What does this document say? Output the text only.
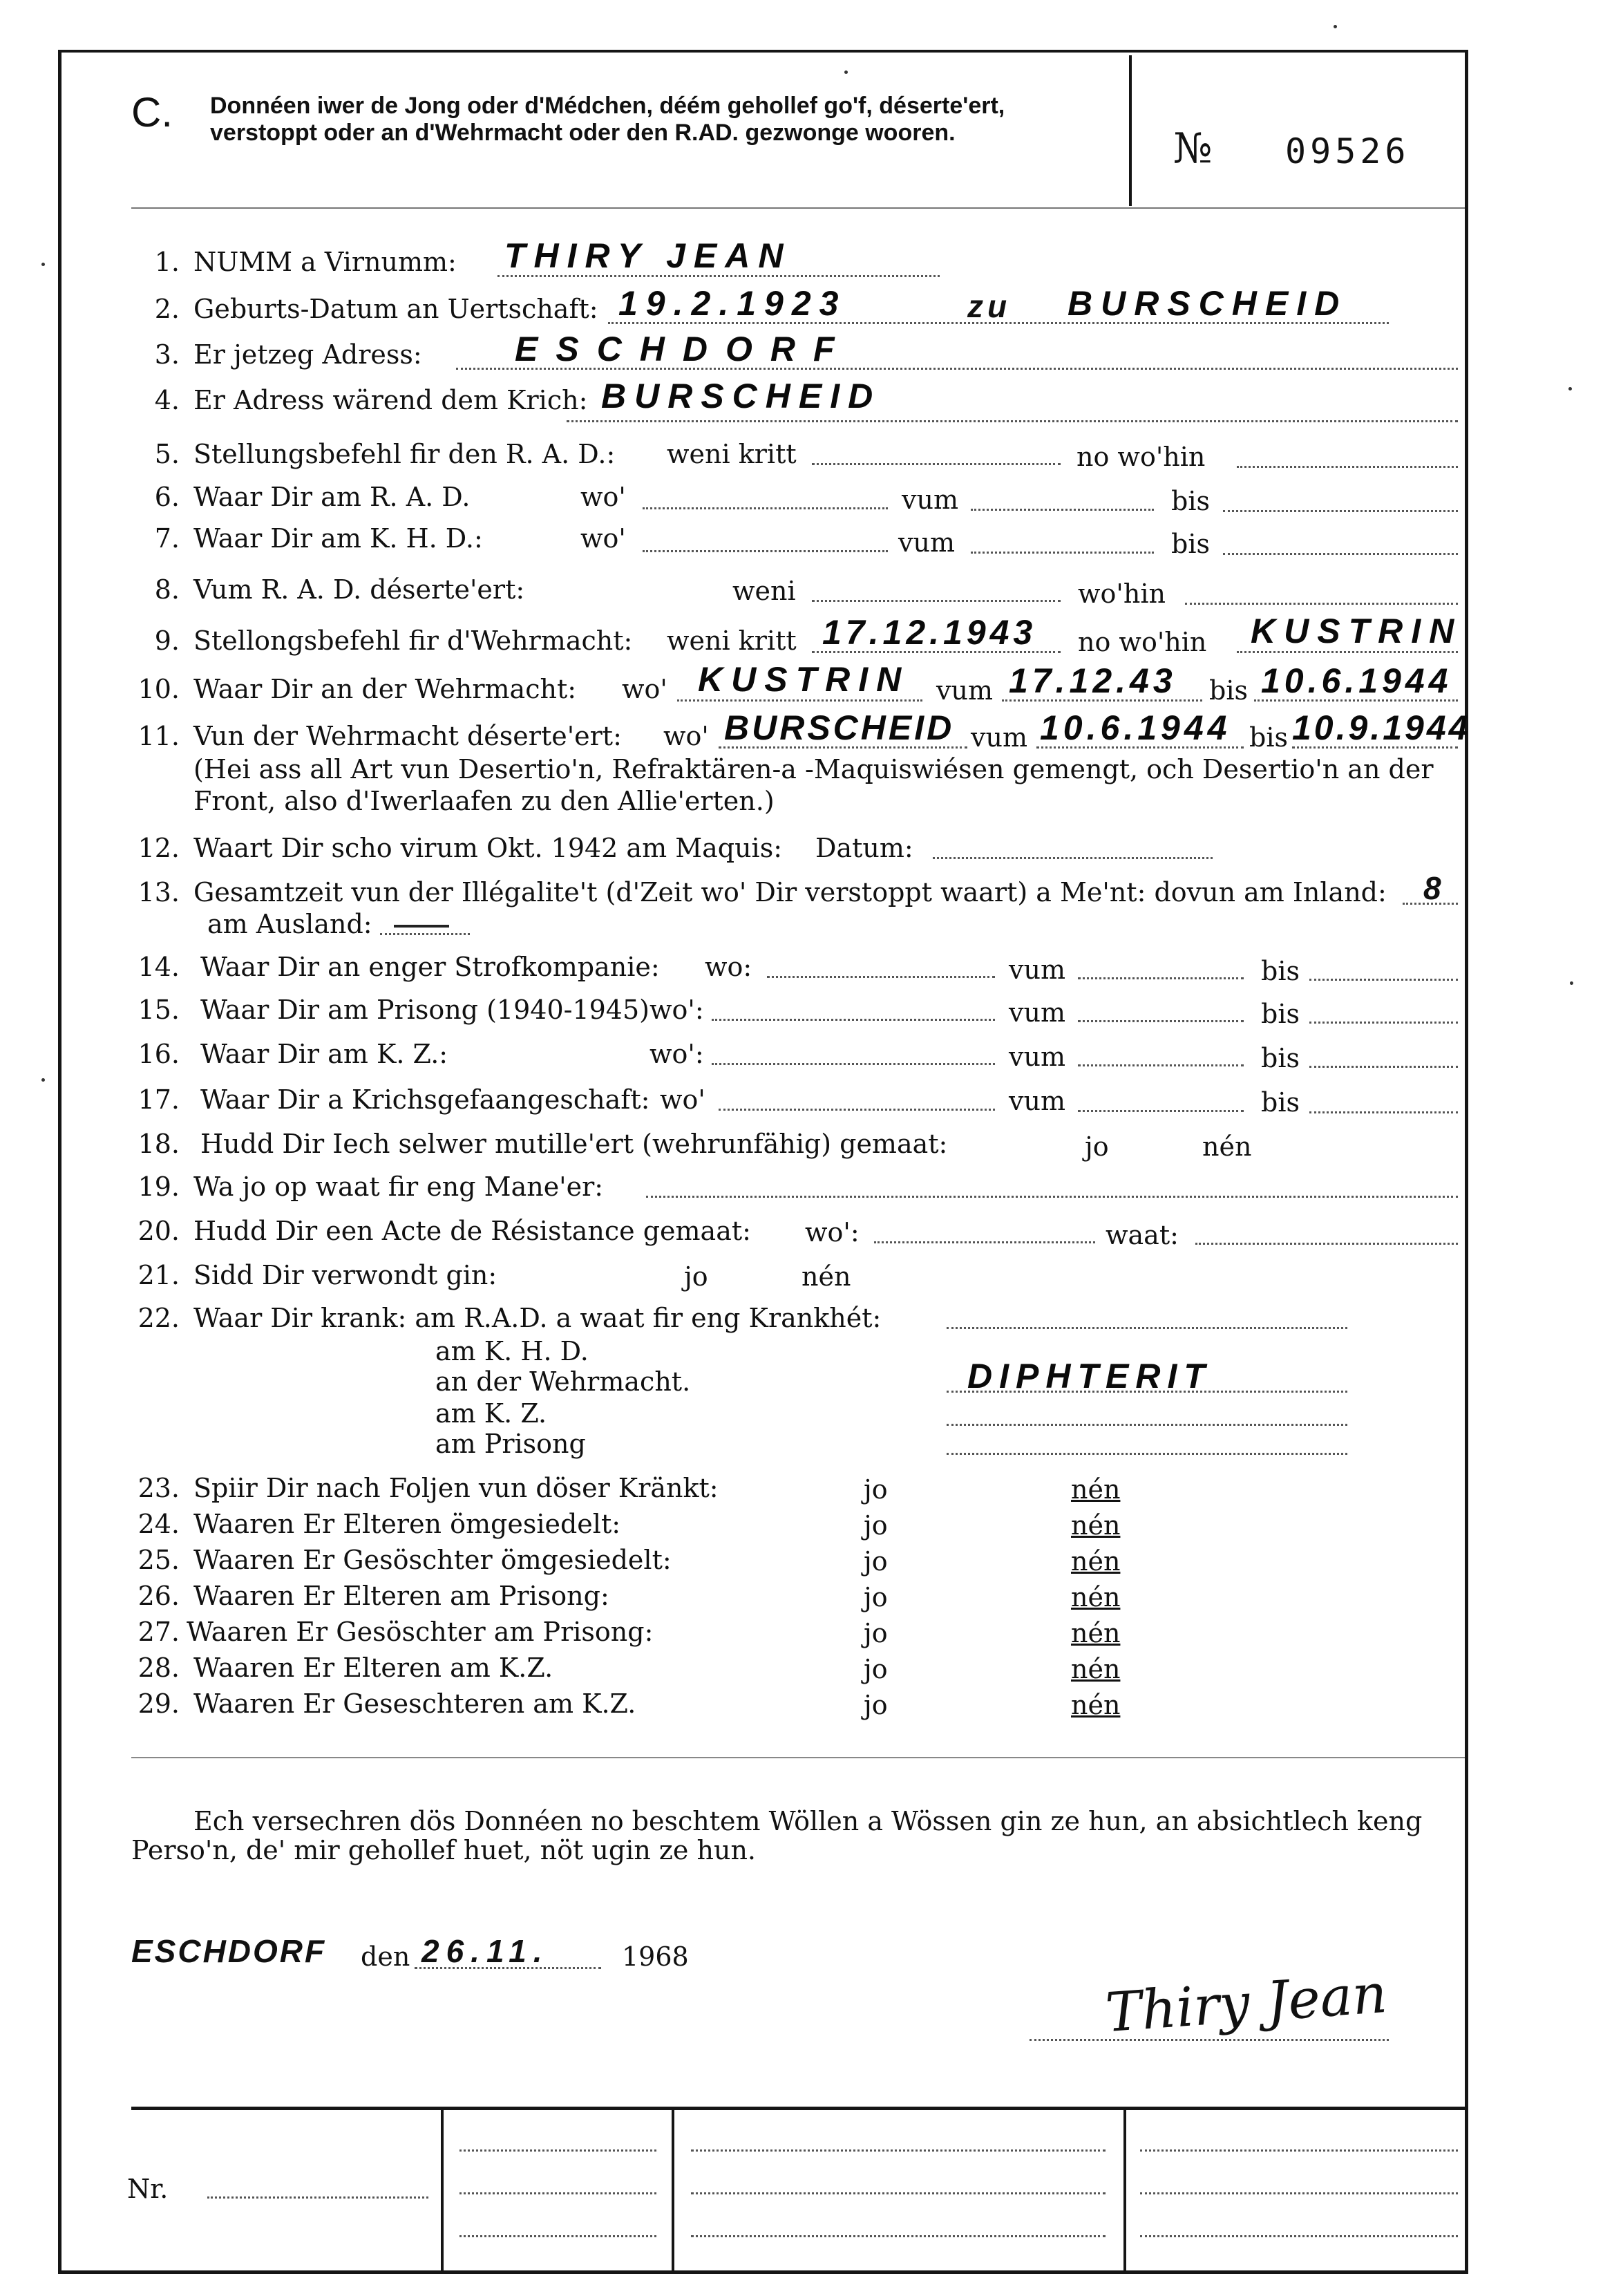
C. Donnéen iwer de Jong oder d'Médchen, déém gehollef go'f, déserte'ert, verstoppt oder an d'Wehrmacht oder den R.AD. gezwonge wooren.	№ 09526
1. NUMM a Virnumm: THIRY JEAN
2. Geburts-Datum an Uertschaft: 19.2.1923	zu BURSCHEID
3. Er jetzeg Adress:	ESCHDORF
4. Er Adress wärend dem Krich: BURSCHEID
5. Stellungsbefehl fir den R. A. D.: weni kritt	no wo'hin
6. Waar Dir am R. A. D.	wo'	vum	bis
7. Waar Dir am K. H. D.:	wo'	vum	bis
8. Vum R. A. D. déserte'ert:	weni	wo'hin
9. Stellongsbefehl fir d'Wehrmacht: weni kritt 17.12.1943 no wo'hin KUSTRIN
10. Waar Dir an der Wehrmacht: wo' KUSTRIN vum 17.12.43 bis 10.6.1944
11. Vun der Wehrmacht déserte'ert: wo' BURSCHEID vum 10.6.1944 bis 10.9.1944
(Hei ass all Art vun Desertio'n, Refraktären-a -Maquiswiésen gemengt, och Desertio'n an der
Front, also d'Iwerlaafen zu den Allie'erten.)
12. Waart Dir scho virum Okt. 1942 am Maquis: Datum:
13. Gesamtzeit vun der Illégalite't (d'Zeit wo' Dir verstoppt waart) a Me'nt: dovun am Inland: 8
am Ausland:
14. Waar Dir an enger Strofkompanie: wo:	vum	bis
15. Waar Dir am Prisong (1940-1945) wo':	vum	bis
16. Waar Dir am K. Z.:	wo':	vum	bis
17. Waar Dir a Krichsgefaangeschaft: wo'	vum	bis
18. Hudd Dir Iech selwer mutille'ert (wehrunfähig) gemaat:	jo	nén
19. Wa jo op waat fir eng Mane'er:
20. Hudd Dir een Acte de Résistance gemaat: wo':	waat:
21. Sidd Dir verwondt gin:	jo	nén
22. Waar Dir krank: am R.A.D. a waat fir eng Krankhét:
am K. H. D.
an der Wehrmacht.	DIPHTERIT
am K. Z.
am Prisong
23. Spiir Dir nach Foljen vun döser Kränkt:	jo	nén
24. Waaren Er Elteren ömgesiedelt:	jo	nén
25. Waaren Er Gesöschter ömgesiedelt:	jo	nén
26. Waaren Er Elteren am Prisong:	jo	nén
27. Waaren Er Gesöschter am Prisong:	jo	nén
28. Waaren Er Elteren am K.Z.	jo	nén
29. Waaren Er Geseschteren am K.Z.	jo	nén
Ech versechren dös Donnéen no beschtem Wöllen a Wössen gin ze hun, an absichtlech keng
Perso'n, de' mir gehollef huet, nöt ugin ze hun.
ESCHDORF den 26.11.	1968
Thiry Jean
Nr.
